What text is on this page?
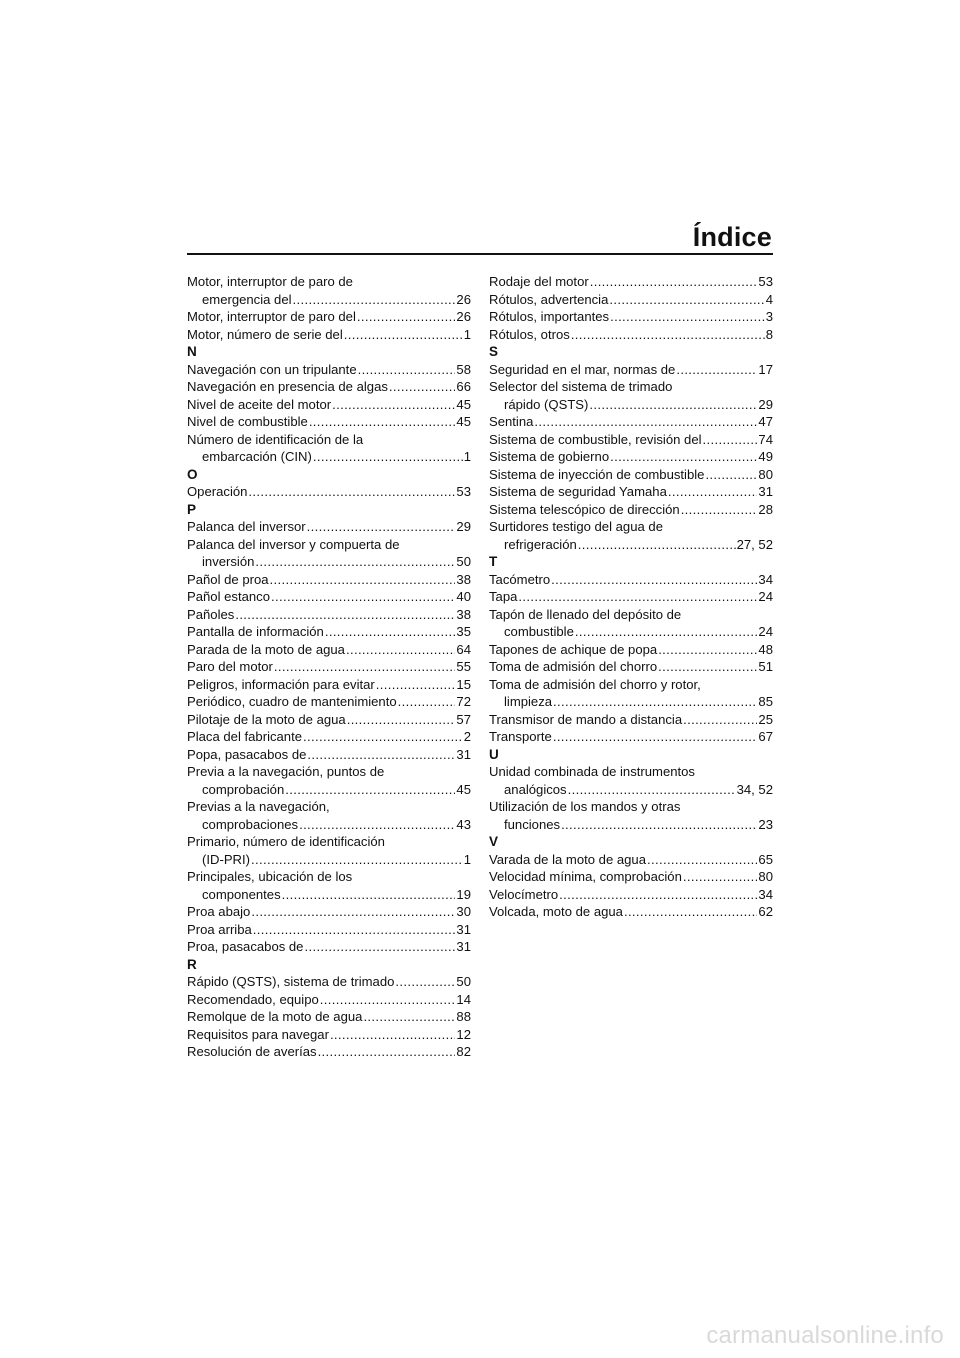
Índice
Motor, interruptor de paro de
emergencia del .....	26
Motor, interruptor de paro del .....	26
Motor, número de serie del .....	1
N
Navegación con un tripulante .....	58
Navegación en presencia de algas .....	66
Nivel de aceite del motor .....	45
Nivel de combustible .....	45
Número de identificación de la
embarcación (CIN) .....	1
O
Operación .....	53
P
Palanca del inversor .....	29
Palanca del inversor y compuerta de
inversión .....	50
Pañol de proa .....	38
Pañol estanco .....	40
Pañoles .....	38
Pantalla de información .....	35
Parada de la moto de agua .....	64
Paro del motor .....	55
Peligros, información para evitar .....	15
Periódico, cuadro de mantenimiento .....	72
Pilotaje de la moto de agua .....	57
Placa del fabricante .....	2
Popa, pasacabos de .....	31
Previa a la navegación, puntos de
comprobación .....	45
Previas a la navegación,
comprobaciones .....	43
Primario, número de identificación
(ID-PRI) .....	1
Principales, ubicación de los
componentes .....	19
Proa abajo .....	30
Proa arriba .....	31
Proa, pasacabos de .....	31
R
Rápido (QSTS), sistema de trimado .....	50
Recomendado, equipo .....	14
Remolque de la moto de agua .....	88
Requisitos para navegar .....	12
Resolución de averías .....	82
Rodaje del motor .....	53
Rótulos, advertencia .....	4
Rótulos, importantes .....	3
Rótulos, otros .....	8
S
Seguridad en el mar, normas de .....	17
Selector del sistema de trimado
rápido (QSTS) .....	29
Sentina .....	47
Sistema de combustible, revisión del .....	74
Sistema de gobierno .....	49
Sistema de inyección de combustible .....	80
Sistema de seguridad Yamaha .....	31
Sistema telescópico de dirección .....	28
Surtidores testigo del agua de
refrigeración .....	27, 52
T
Tacómetro .....	34
Tapa .....	24
Tapón de llenado del depósito de
combustible .....	24
Tapones de achique de popa .....	48
Toma de admisión del chorro .....	51
Toma de admisión del chorro y rotor,
limpieza .....	85
Transmisor de mando a distancia .....	25
Transporte .....	67
U
Unidad combinada de instrumentos
analógicos .....	34, 52
Utilización de los mandos y otras
funciones .....	23
V
Varada de la moto de agua .....	65
Velocidad mínima, comprobación .....	80
Velocímetro .....	34
Volcada, moto de agua .....	62
carmanualsonline.info
